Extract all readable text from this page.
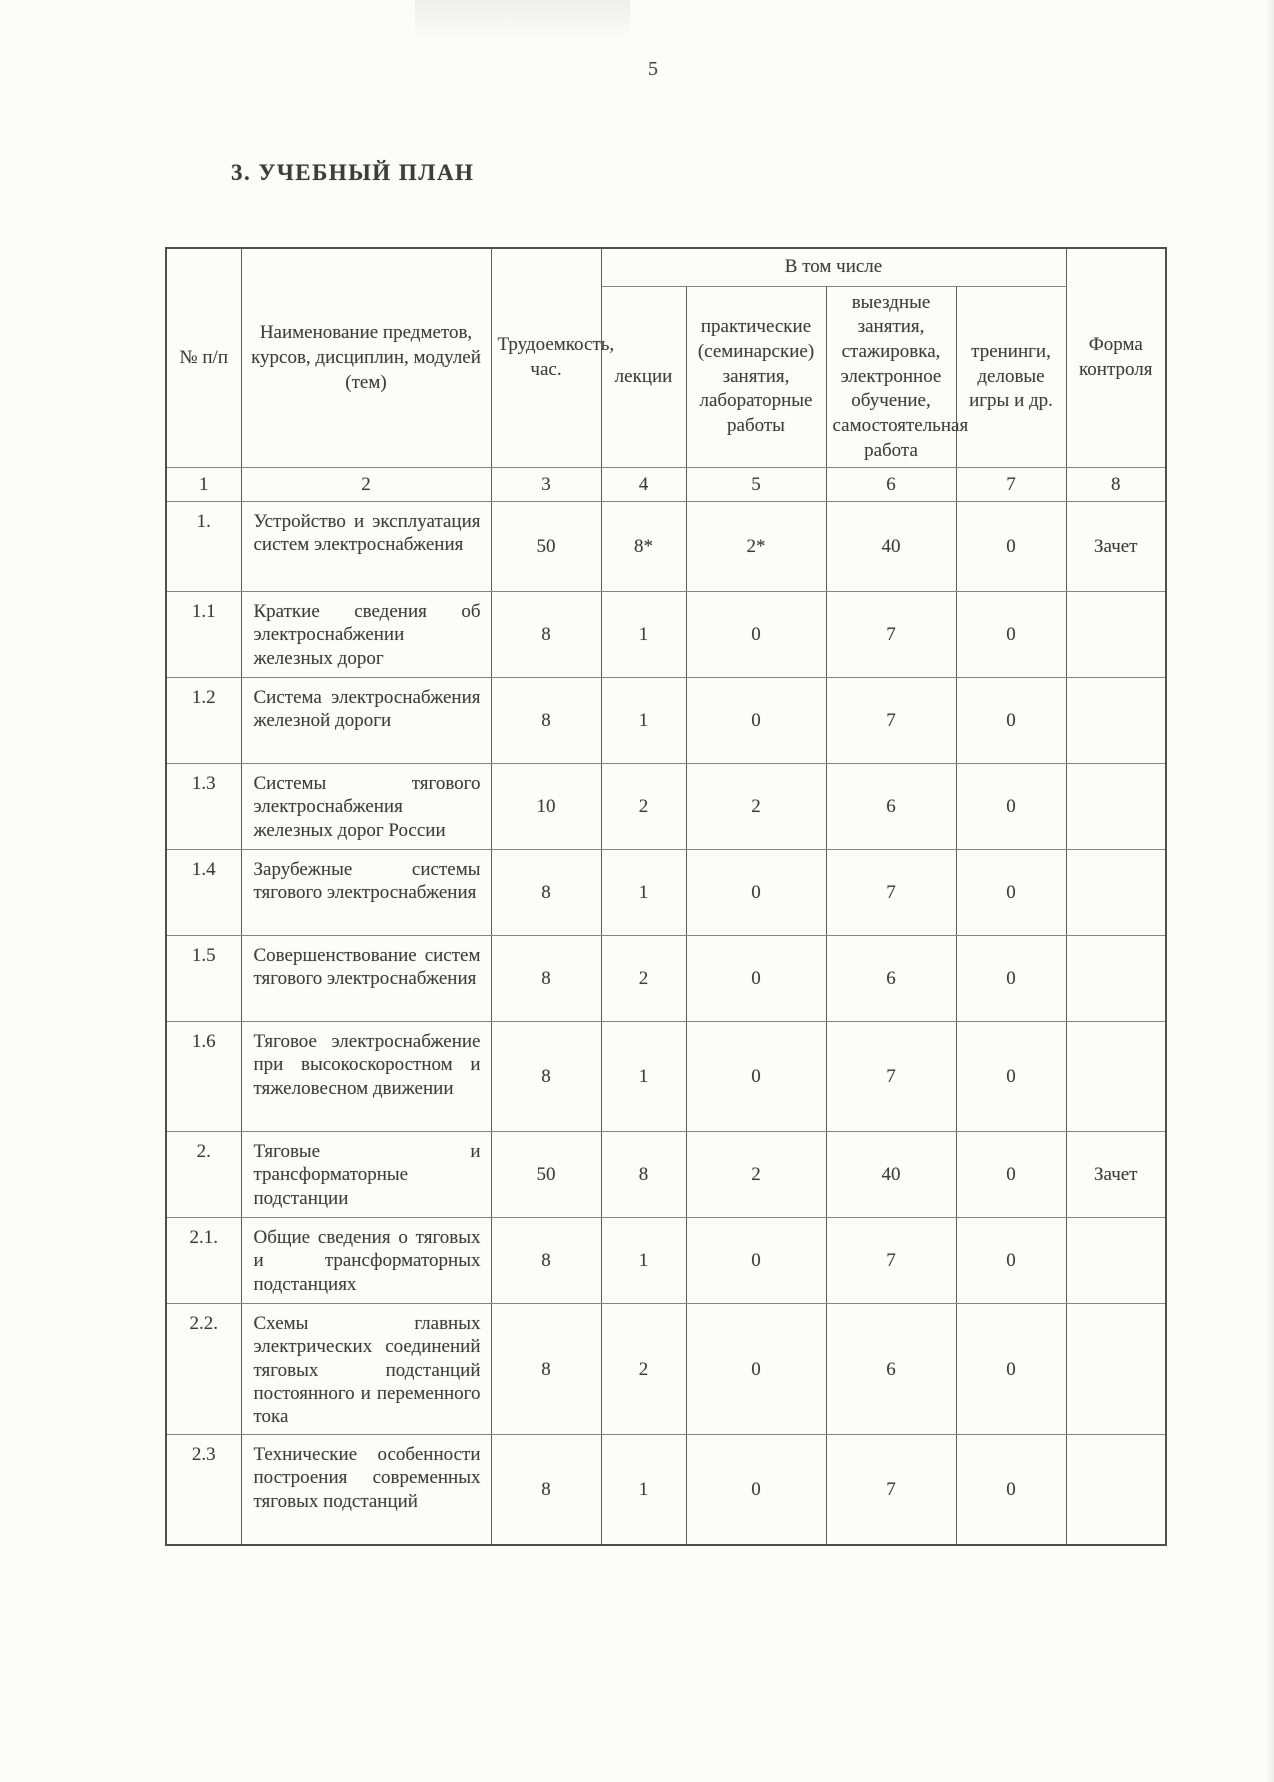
5
3. УЧЕБНЫЙ ПЛАН
№ п/п	Наименование предметов, курсов, дисциплин, модулей (тем)	Трудоемкость, час.	В том числе				Форма контроля
			лекции	практические (семинарские) занятия, лабораторные работы	выездные занятия, стажировка, электронное обучение, самостоятельная работа	тренинги, деловые игры и др.	
1	2	3	4	5	6	7	8
1.	Устройство и эксплуатация систем электроснабжения	50	8*	2*	40	0	Зачет
1.1	Краткие сведения об электроснабжении железных дорог	8	1	0	7	0	
1.2	Система электроснабжения железной дороги	8	1	0	7	0	
1.3	Системы тягового электроснабжения железных дорог России	10	2	2	6	0	
1.4	Зарубежные системы тягового электроснабжения	8	1	0	7	0	
1.5	Совершенствование систем тягового электроснабжения	8	2	0	6	0	
1.6	Тяговое электроснабжение при высокоскоростном и тяжеловесном движении	8	1	0	7	0	
2.	Тяговые и трансформаторные подстанции	50	8	2	40	0	Зачет
2.1.	Общие сведения о тяговых и трансформаторных подстанциях	8	1	0	7	0	
2.2.	Схемы главных электрических соединений тяговых подстанций постоянного и переменного тока	8	2	0	6	0	
2.3	Технические особенности построения современных тяговых подстанций	8	1	0	7	0	
